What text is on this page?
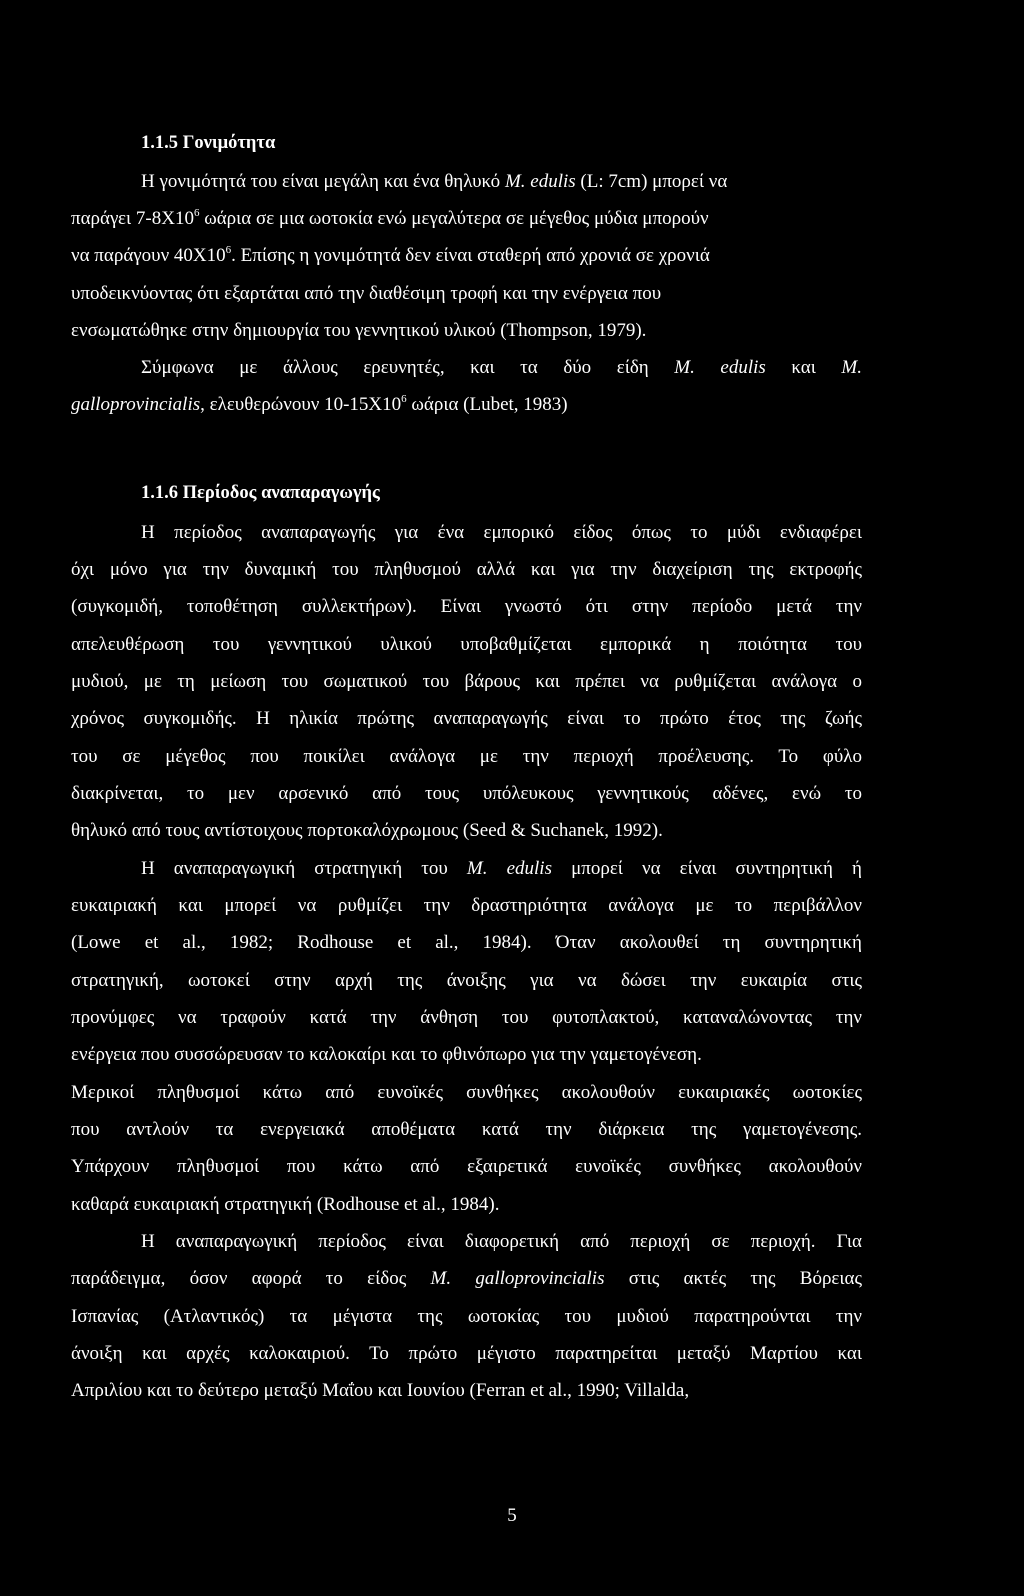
1.1.5 Γονιμότητα
Η γονιμότητά του είναι μεγάλη και ένα θηλυκό M. edulis (L: 7cm) μπορεί να
παράγει $7-8X10^6$ ωάρια σε μια ωοτοκία ενώ μεγαλύτερα σε μέγεθος μύδια μπορούν
να παράγουν $40X10^6$. Επίσης η γονιμότητά δεν είναι σταθερή από χρονιά σε χρονιά
υποδεικνύοντας ότι εξαρτάται από την διαθέσιμη τροφή και την ενέργεια που
ενσωματώθηκε στην δημιουργία του γεννητικού υλικού (Thompson, 1979).
Σύμφωνα με άλλους ερευνητές, και τα δύο είδη M. edulis και M.
galloprovincialis, ελευθερώνουν $10-15X10^6$ ωάρια (Lubet, 1983)
1.1.6 Περίοδος αναπαραγωγής
Η περίοδος αναπαραγωγής για ένα εμπορικό είδος όπως το μύδι ενδιαφέρει
όχι μόνο για την δυναμική του πληθυσμού αλλά και για την διαχείριση της εκτροφής
(συγκομιδή, τοποθέτηση συλλεκτήρων). Είναι γνωστό ότι στην περίοδο μετά την
απελευθέρωση του γεννητικού υλικού υποβαθμίζεται εμπορικά η ποιότητα του
μυδιού, με τη μείωση του σωματικού του βάρους και πρέπει να ρυθμίζεται ανάλογα ο
χρόνος συγκομιδής. Η ηλικία πρώτης αναπαραγωγής είναι το πρώτο έτος της ζωής
του σε μέγεθος που ποικίλει ανάλογα με την περιοχή προέλευσης. Το φύλο
διακρίνεται, το μεν αρσενικό από τους υπόλευκους γεννητικούς αδένες, ενώ το
θηλυκό από τους αντίστοιχους πορτοκαλόχρωμους (Seed & Suchanek, 1992).
Η αναπαραγωγική στρατηγική του M. edulis μπορεί να είναι συντηρητική ή
ευκαιριακή και μπορεί να ρυθμίζει την δραστηριότητα ανάλογα με το περιβάλλον
(Lowe et al., 1982; Rodhouse et al., 1984). Όταν ακολουθεί τη συντηρητική
στρατηγική, ωοτοκεί στην αρχή της άνοιξης για να δώσει την ευκαιρία στις
προνύμφες να τραφούν κατά την άνθηση του φυτοπλακτού, καταναλώνοντας την
ενέργεια που συσσώρευσαν το καλοκαίρι και το φθινόπωρο για την γαμετογένεση.
Μερικοί πληθυσμοί κάτω από ευνοϊκές συνθήκες ακολουθούν ευκαιριακές ωοτοκίες
που αντλούν τα ενεργειακά αποθέματα κατά την διάρκεια της γαμετογένεσης.
Υπάρχουν πληθυσμοί που κάτω από εξαιρετικά ευνοϊκές συνθήκες ακολουθούν
καθαρά ευκαιριακή στρατηγική (Rodhouse et al., 1984).
Η αναπαραγωγική περίοδος είναι διαφορετική από περιοχή σε περιοχή. Για
παράδειγμα, όσον αφορά το είδος M. galloprovincialis στις ακτές της Βόρειας
Ισπανίας (Ατλαντικός) τα μέγιστα της ωοτοκίας του μυδιού παρατηρούνται την
άνοιξη και αρχές καλοκαιριού. Το πρώτο μέγιστο παρατηρείται μεταξύ Μαρτίου και
Απριλίου και το δεύτερο μεταξύ Μαΐου και Ιουνίου (Ferran et al., 1990; Villalda,
5
